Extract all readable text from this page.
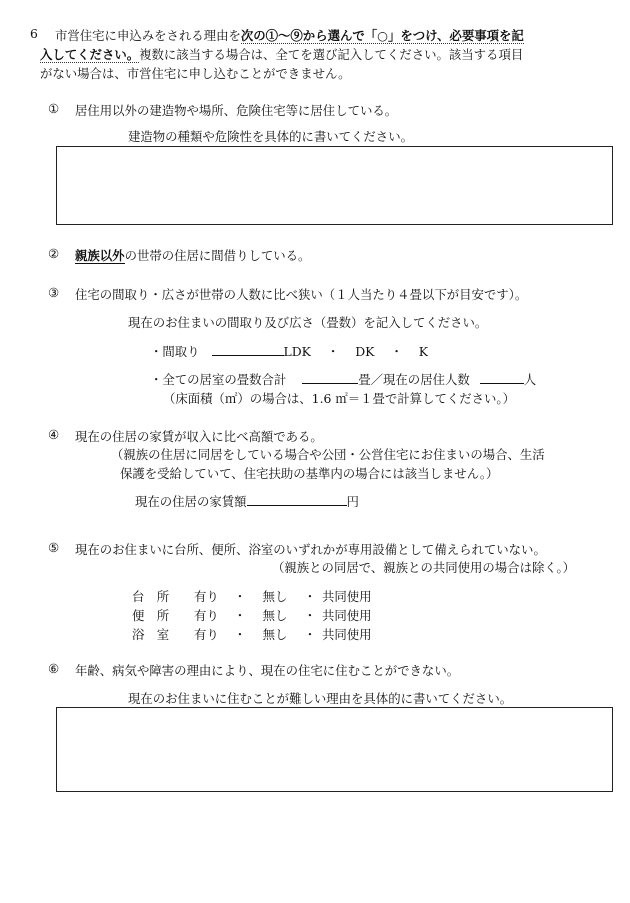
6 市営住宅に申込みをされる理由を次の①～⑨から選んで「○」をつけ、必要事項を記
入してください。複数に該当する場合は、全てを選び記入してください。該当する項目
がない場合は、市営住宅に申し込むことができません。
① 居住用以外の建造物や場所、危険住宅等に居住している。
建造物の種類や危険性を具体的に書いてください。
② 親族以外の世帯の住居に間借りしている。
③ 住宅の間取り・広さが世帯の人数に比べ狭い（１人当たり４畳以下が目安です）。
現在のお住まいの間取り及び広さ（畳数）を記入してください。
・間取り	LDK ・ DK ・ K
・全ての居室の畳数合計	畳／現在の居住人数	人
（床面積（㎡）の場合は、1.6 ㎡＝１畳で計算してください。）
④ 現在の住居の家賃が収入に比べ高額である。
（親族の住居に同居をしている場合や公団・公営住宅にお住まいの場合、生活
保護を受給していて、住宅扶助の基準内の場合には該当しません。）
現在の住居の家賃額	円
⑤ 現在のお住まいに台所、便所、浴室のいずれかが専用設備として備えられていない。
（親族との同居で、親族との共同使用の場合は除く。）
台　所 有り ・ 無し ・ 共同使用
便　所 有り ・ 無し ・ 共同使用
浴　室 有り ・ 無し ・ 共同使用
⑥ 年齢、病気や障害の理由により、現在の住宅に住むことができない。
現在のお住まいに住むことが難しい理由を具体的に書いてください。
